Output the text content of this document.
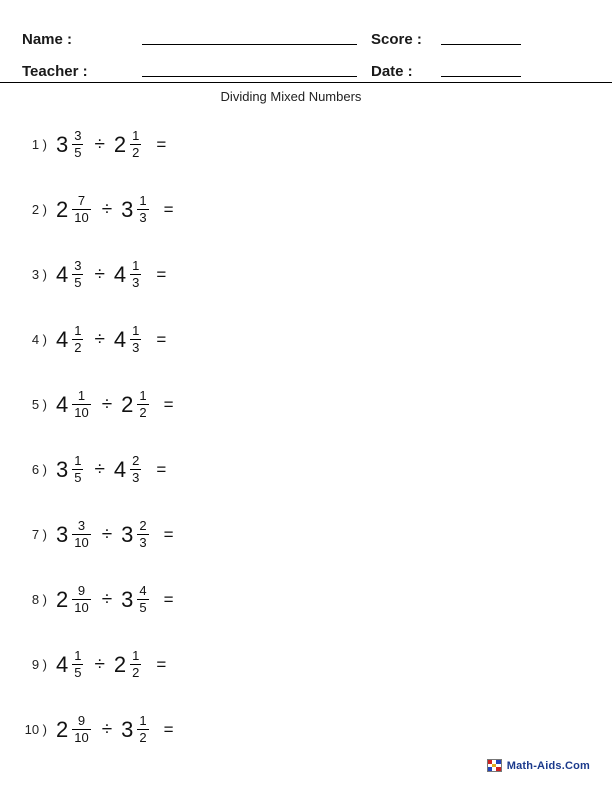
Name :	Score :
Teacher :	Date :
Dividing Mixed Numbers
1 ) $3 \frac{3}{5} \div 2 \frac{1}{2}$ =
2 ) $2 \frac{7}{10} \div 3 \frac{1}{3}$ =
3 ) $4 \frac{3}{5} \div 4 \frac{1}{3}$ =
4 ) $4 \frac{1}{2} \div 4 \frac{1}{3}$ =
5 ) $4 \frac{1}{10} \div 2 \frac{1}{2}$ =
6 ) $3 \frac{1}{5} \div 4 \frac{2}{3}$ =
7 ) $3 \frac{3}{10} \div 3 \frac{2}{3}$ =
8 ) $2 \frac{9}{10} \div 3 \frac{4}{5}$ =
9 ) $4 \frac{1}{5} \div 2 \frac{1}{2}$ =
10 ) $2 \frac{9}{10} \div 3 \frac{1}{2}$ =
Math-Aids.Com
